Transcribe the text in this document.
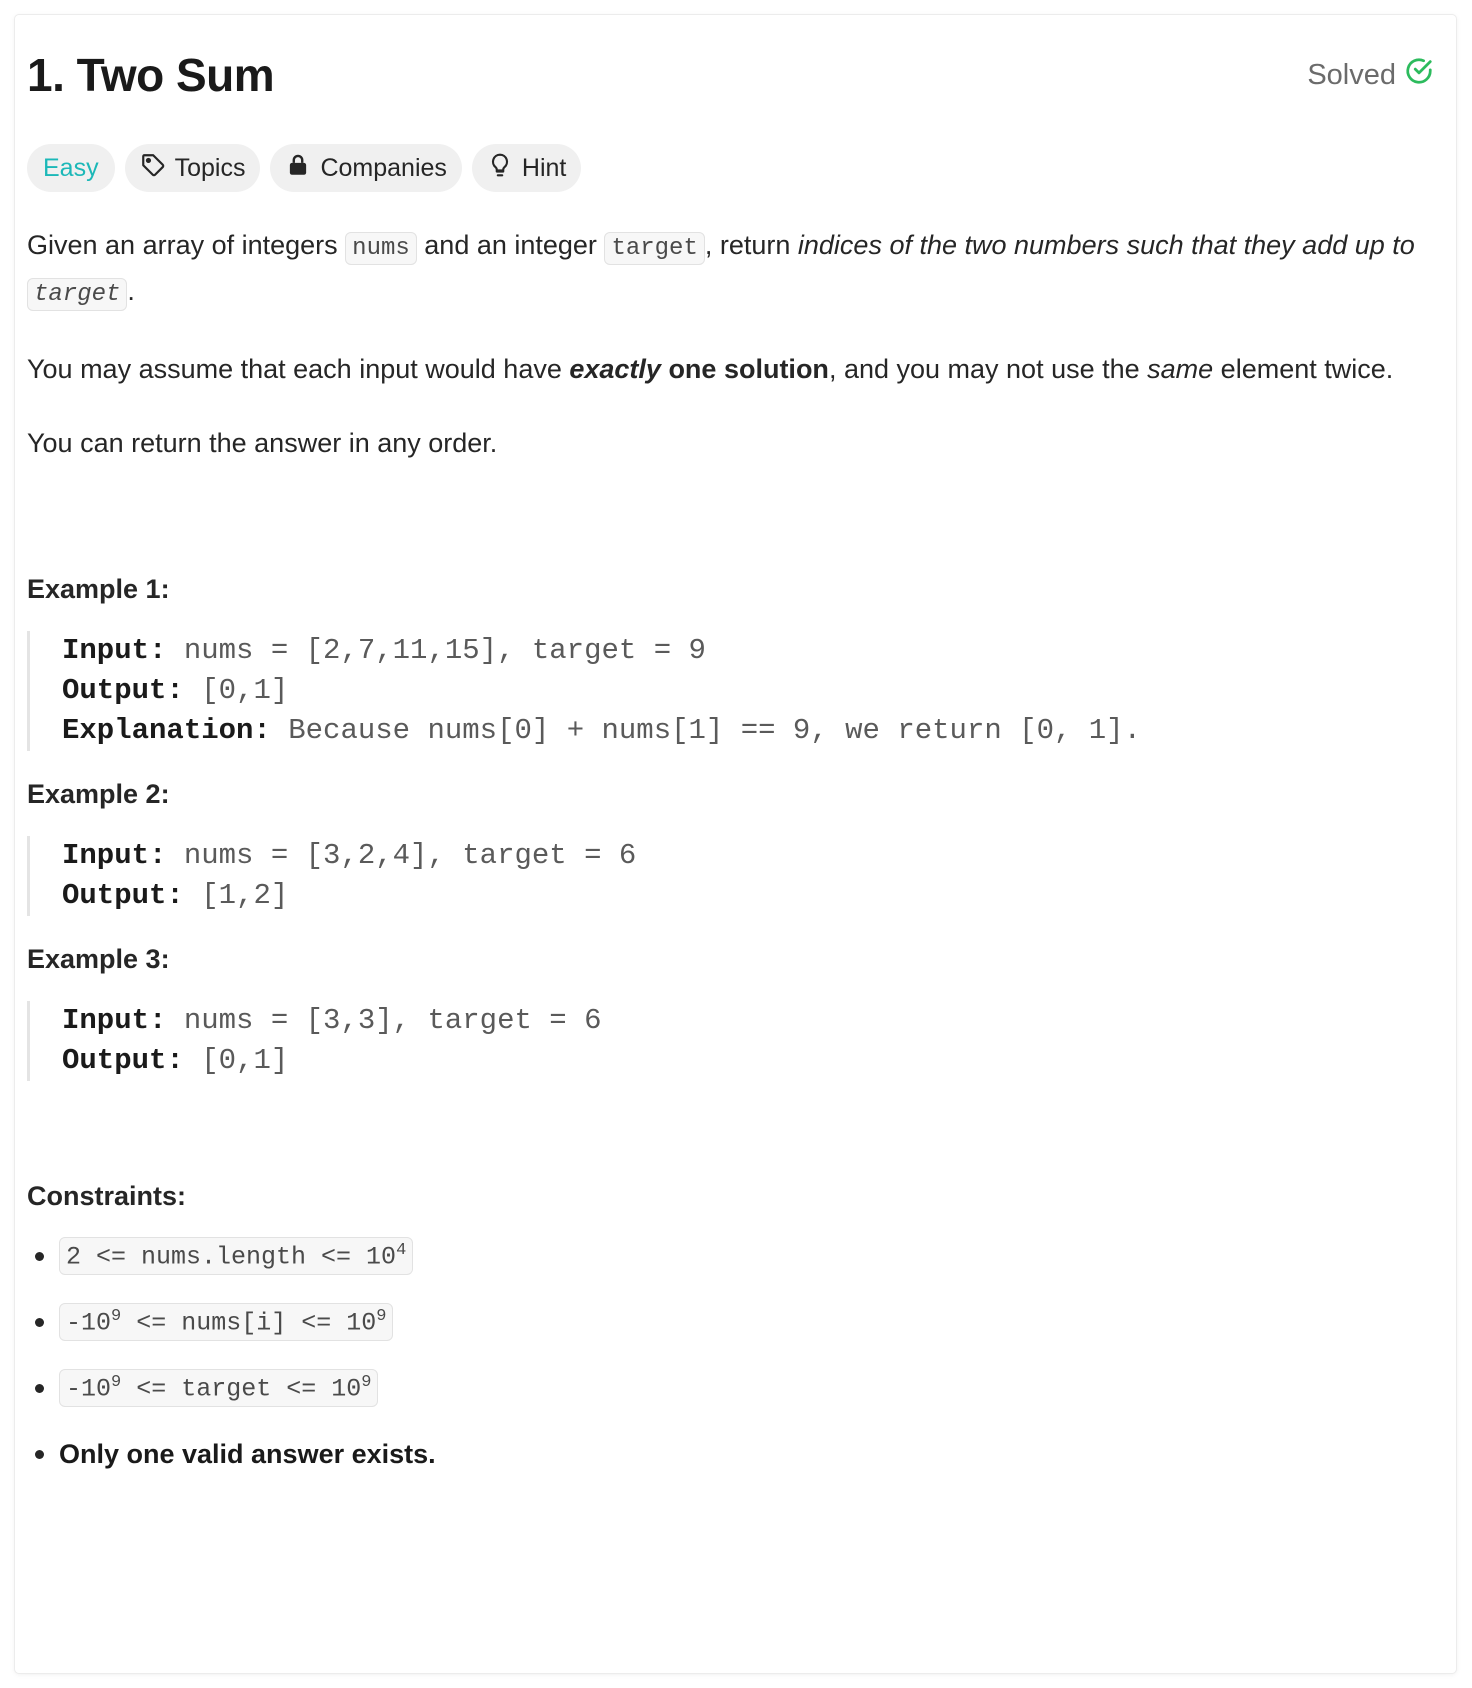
1. Two Sum	Solved
Easy	Topics	Companies	Hint

Given an array of integers nums and an integer target , return indices of the two numbers such that they add up to target .

You may assume that each input would have exactly one solution, and you may not use the same element twice.

You can return the answer in any order.

Example 1:

Input: nums = [2,7,11,15], target = 9
Output: [0,1]
Explanation: Because nums[0] + nums[1] == 9, we return [0, 1].

Example 2:

Input: nums = [3,2,4], target = 6
Output: [1,2]

Example 3:

Input: nums = [3,3], target = 6
Output: [0,1]
Constraints:
2 <= nums.length <= $10^4$
$-10^9$ <= nums[i] <= $10^9$
$-10^9$ <= target <= $10^9$
Only one valid answer exists.
